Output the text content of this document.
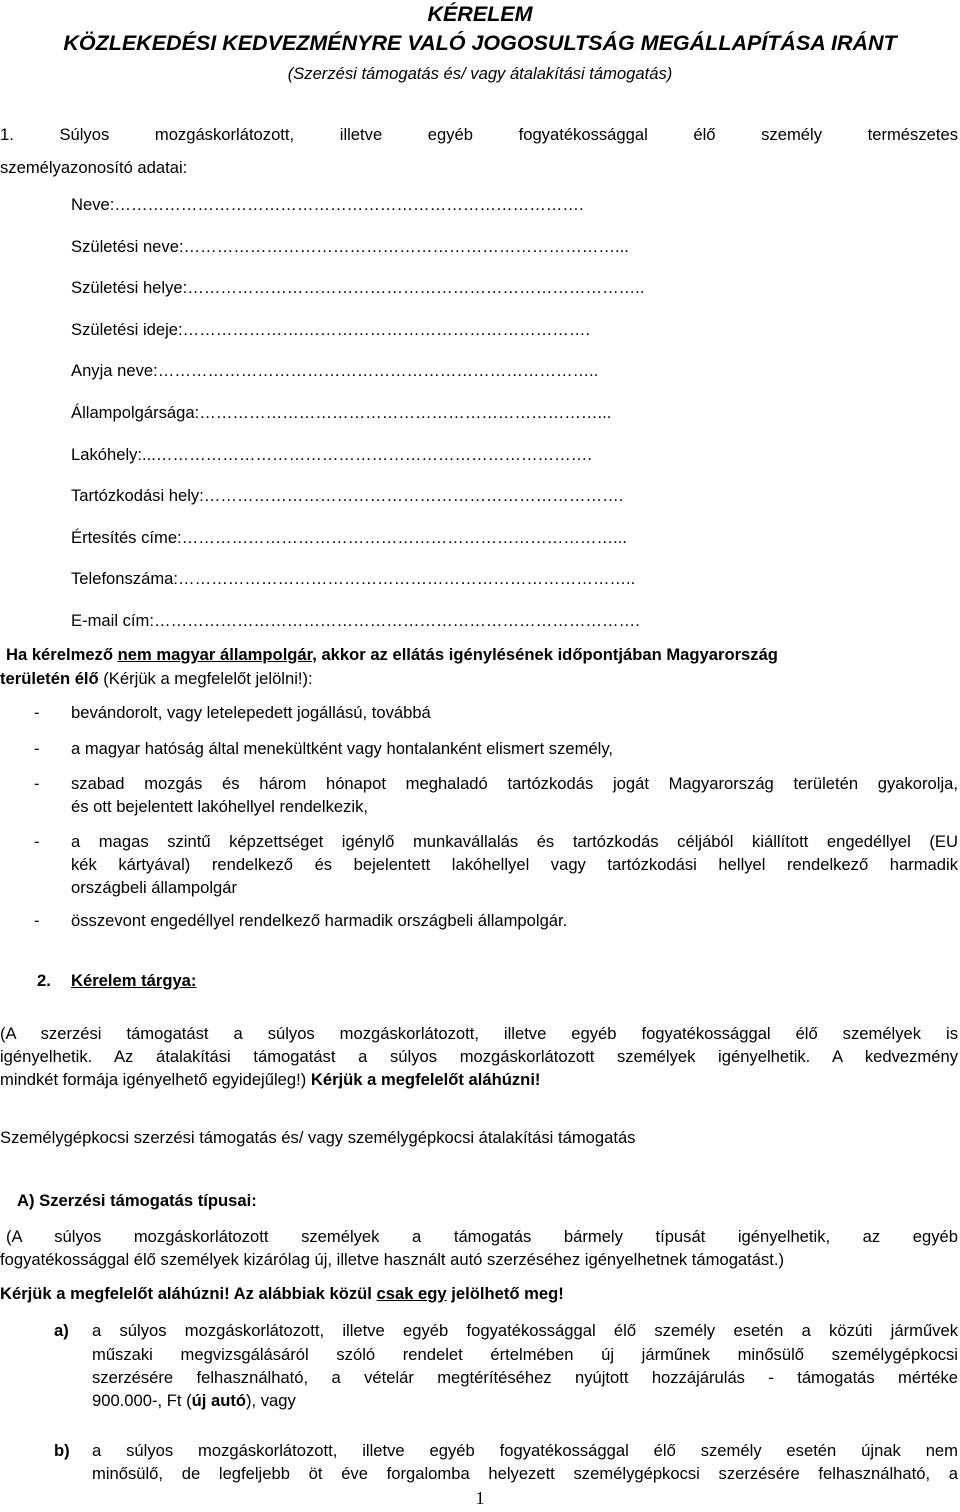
KÉRELEM
KÖZLEKEDÉSI KEDVEZMÉNYRE VALÓ JOGOSULTSÁG MEGÁLLAPÍTÁSA IRÁNT
(Szerzési támogatás és/ vagy átalakítási támogatás)
1. Súlyos mozgáskorlátozott, illetve egyéb fogyatékossággal élő személy természetes
személyazonosító adatai:
Neve:………………………………………………………………………….
Születési neve:……………………………………………………………………...
Születési helye:………………………………………………………………………..
Születési ideje:………………….…………………………………………….
Anyja neve:……………………………………………………………………..
Állampolgársága:………………………………………………………………...
Lakóhely:...…………………………………………………………………….
Tartózkodási hely:………………………………………………………………….
Értesítés címe:……………………………………………………………………...
Telefonszáma:………………………………………………………………………..
E-mail cím:…………………………………………………………………………….
Ha kérelmező nem magyar állampolgár, akkor az ellátás igénylésének időpontjában Magyarország
területén élő (Kérjük a megfelelőt jelölni!):
- bevándorolt, vagy letelepedett jogállású, továbbá
- a magyar hatóság által menekültként vagy hontalanként elismert személy,
- szabad mozgás és három hónapot meghaladó tartózkodás jogát Magyarország területén gyakorolja,
és ott bejelentett lakóhellyel rendelkezik,
- a magas szintű képzettséget igénylő munkavállalás és tartózkodás céljából kiállított engedéllyel (EU
kék kártyával) rendelkező és bejelentett lakóhellyel vagy tartózkodási hellyel rendelkező harmadik
országbeli állampolgár
- összevont engedéllyel rendelkező harmadik országbeli állampolgár.
2. Kérelem tárgya:
(A szerzési támogatást a súlyos mozgáskorlátozott, illetve egyéb fogyatékossággal élő személyek is
igényelhetik. Az átalakítási támogatást a súlyos mozgáskorlátozott személyek igényelhetik. A kedvezmény
mindkét formája igényelhető egyidejűleg!) Kérjük a megfelelőt aláhúzni!
Személygépkocsi szerzési támogatás és/ vagy személygépkocsi átalakítási támogatás
A) Szerzési támogatás típusai:
(A súlyos mozgáskorlátozott személyek a támogatás bármely típusát igényelhetik, az egyéb
fogyatékossággal élő személyek kizárólag új, illetve használt autó szerzéséhez igényelhetnek támogatást.)
Kérjük a megfelelőt aláhúzni! Az alábbiak közül csak egy jelölhető meg!
a) a súlyos mozgáskorlátozott, illetve egyéb fogyatékossággal élő személy esetén a közúti járművek
műszaki megvizsgálásáról szóló rendelet értelmében új járműnek minősülő személygépkocsi
szerzésére felhasználható, a vételár megtérítéséhez nyújtott hozzájárulás - támogatás mértéke
900.000-, Ft (új autó), vagy
b) a súlyos mozgáskorlátozott, illetve egyéb fogyatékossággal élő személy esetén újnak nem
minősülő, de legfeljebb öt éve forgalomba helyezett személygépkocsi szerzésére felhasználható, a
1
